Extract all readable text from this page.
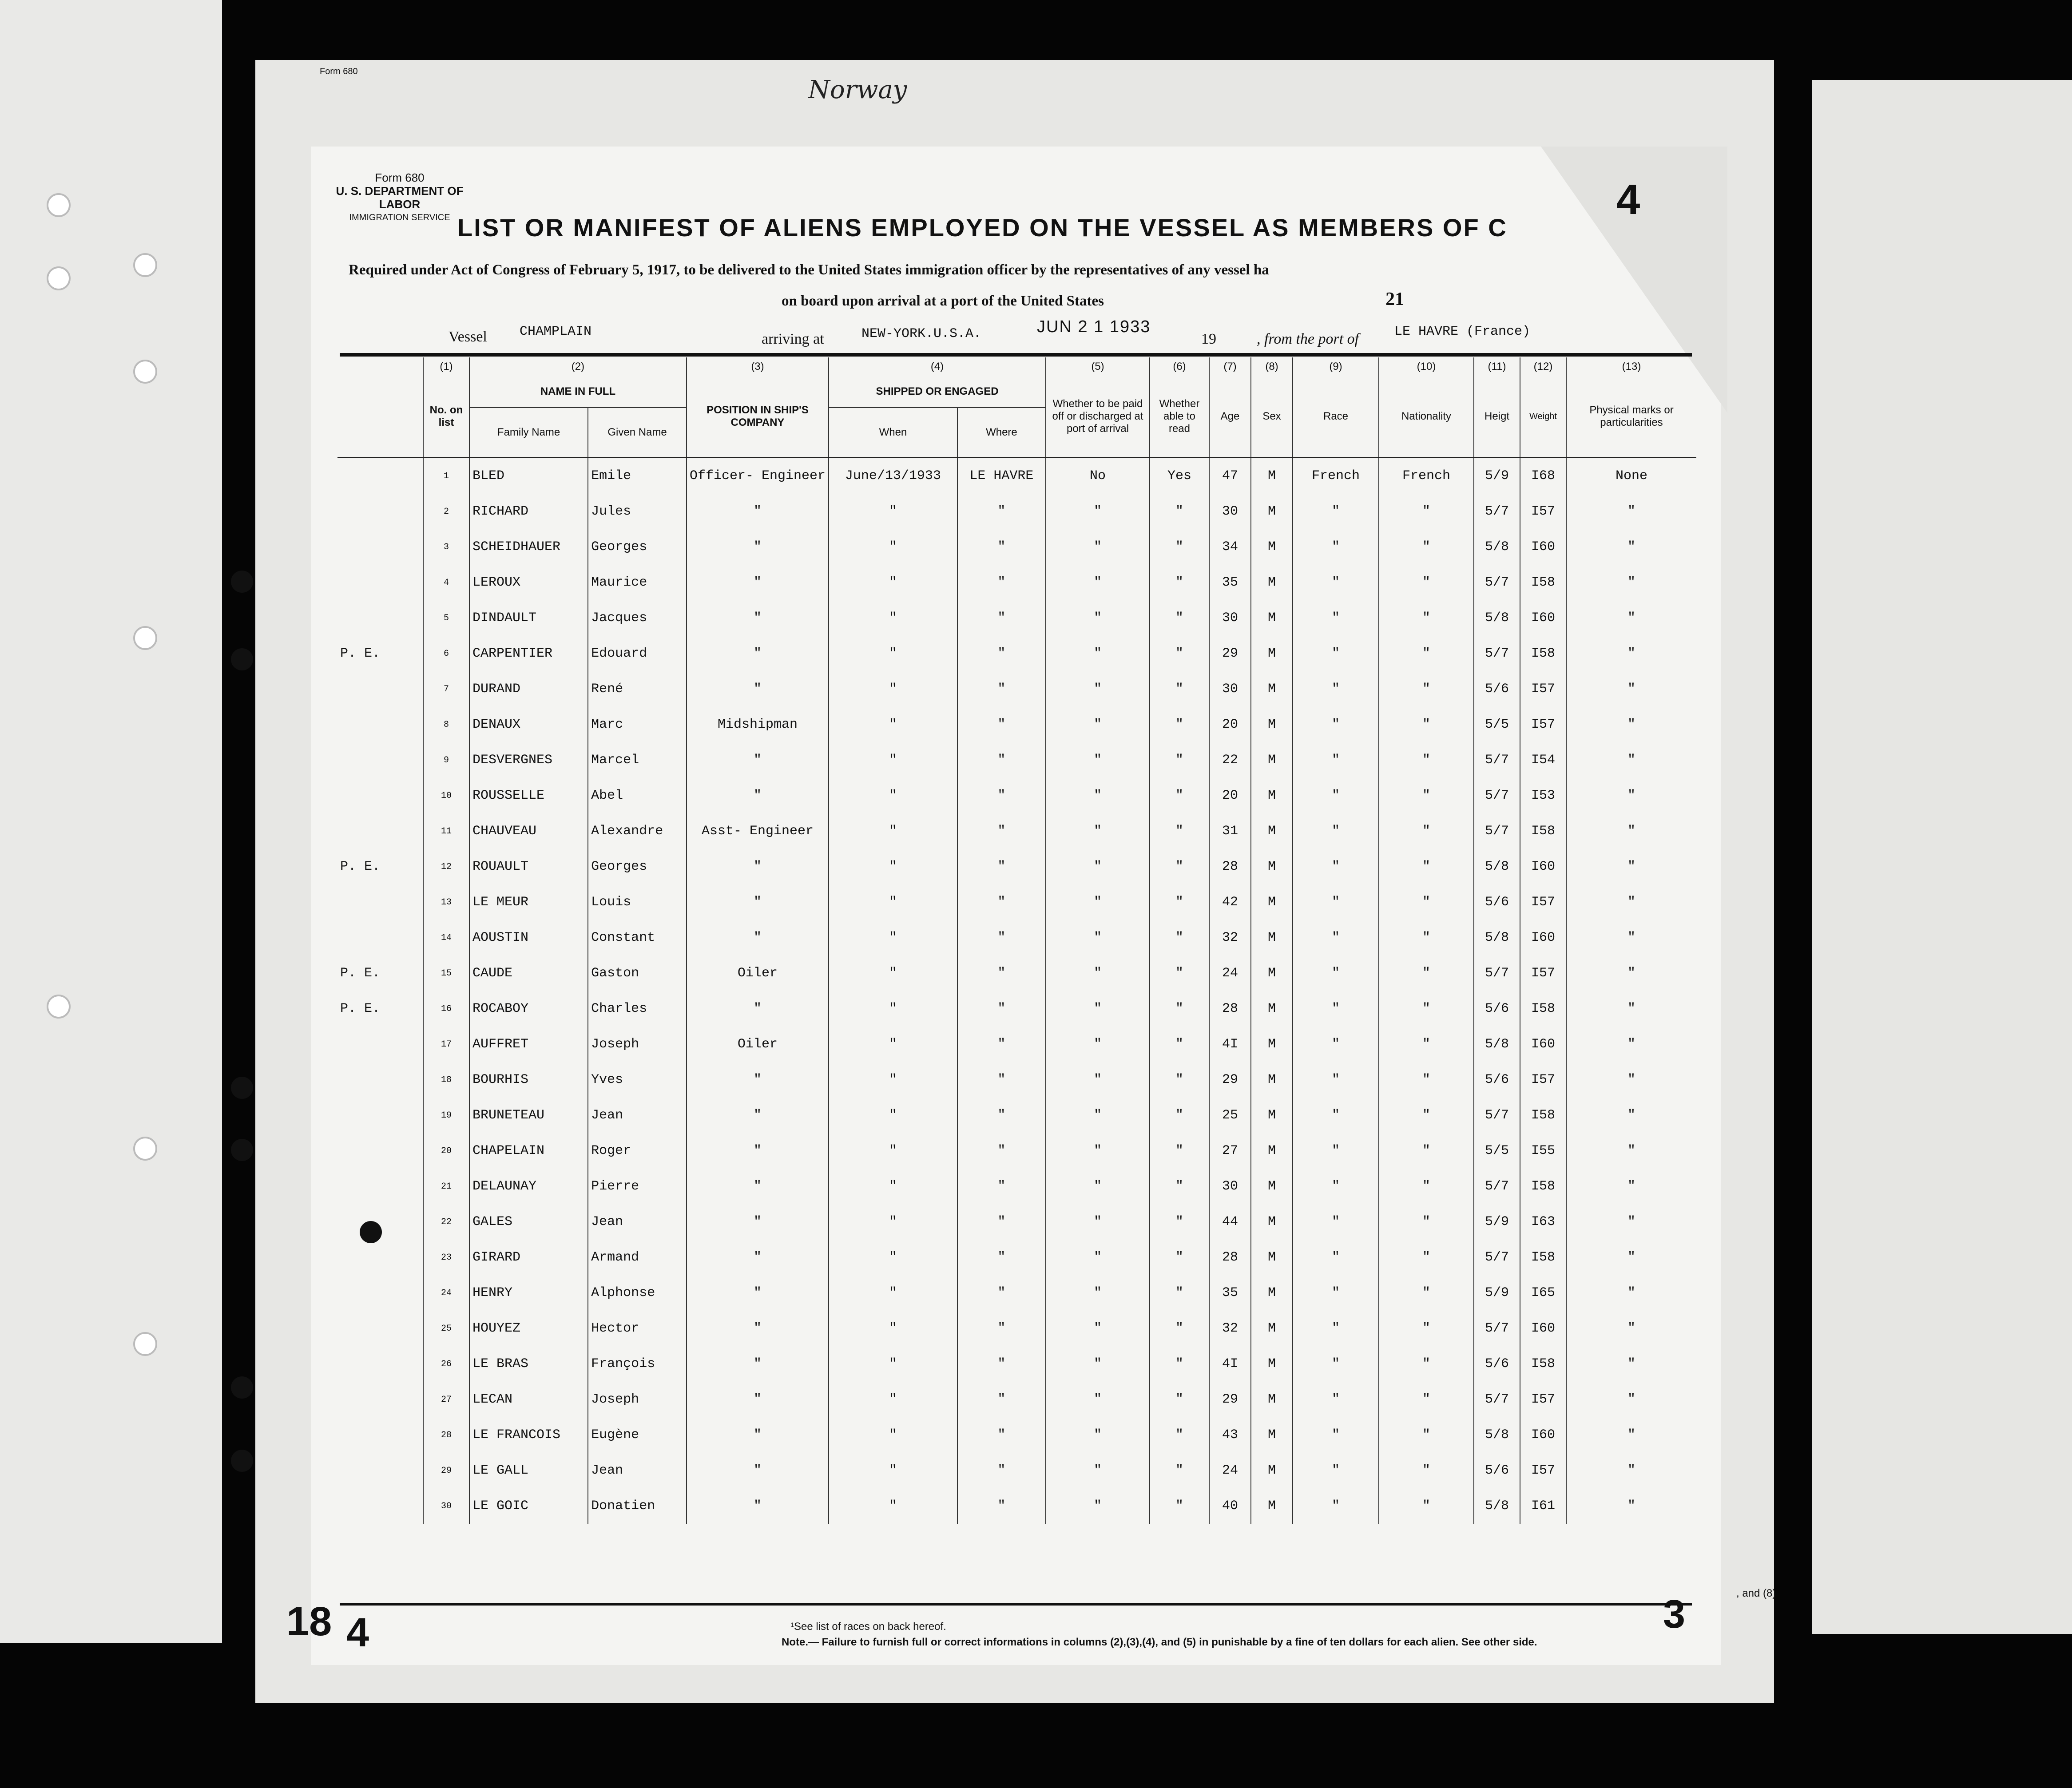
Form 680
Norway
Form 680
U. S. DEPARTMENT OF LABOR
IMMIGRATION SERVICE LIST OR MANIFEST OF ALIENS EMPLOYED ON THE VESSEL AS MEMBERS OF C
4
Required under Act of Congress of February 5, 1917, to be delivered to the United States immigration officer by the representatives of any vessel ha
on board upon arrival at a port of the United States	21
Vessel CHAMPLAIN	arriving at	NEW-YORK.U.S.A.	JUN 2 1 1933
19	, from the port of	LE HAVRE (France)
	(1)	(2)		(3)	(4)		(5)	(6)	(7)	(8)	(9)	(10)	(11)	(12)	(13)
	No. on list	NAME IN FULL		POSITION IN SHIP'S COMPANY	SHIPPED OR ENGAGED		Whether to be paid off or discharged at port of arrival	Whether able to read	Age	Sex	Race	Nationality	Heigt	Weight	Physical marks or particularities
		Family Name	Given Name		When	Where									
	1	BLED	Emile	Officer- Engineer	June/13/1933	LE HAVRE	No	Yes	47	M	French	French	5/9	I68	None
	2	RICHARD	Jules	"	"	"	"	"	30	M	"	"	5/7	I57	"
	3	SCHEIDHAUER	Georges	"	"	"	"	"	34	M	"	"	5/8	I60	"
	4	LEROUX	Maurice	"	"	"	"	"	35	M	"	"	5/7	I58	"
	5	DINDAULT	Jacques	"	"	"	"	"	30	M	"	"	5/8	I60	"
P. E.	6	CARPENTIER	Edouard	"	"	"	"	"	29	M	"	"	5/7	I58	"
	7	DURAND	René	"	"	"	"	"	30	M	"	"	5/6	I57	"
	8	DENAUX	Marc	Midshipman	"	"	"	"	20	M	"	"	5/5	I57	"
	9	DESVERGNES	Marcel	"	"	"	"	"	22	M	"	"	5/7	I54	"
	10	ROUSSELLE	Abel	"	"	"	"	"	20	M	"	"	5/7	I53	"
	11	CHAUVEAU	Alexandre	Asst- Engineer	"	"	"	"	31	M	"	"	5/7	I58	"
P. E.	12	ROUAULT	Georges	"	"	"	"	"	28	M	"	"	5/8	I60	"
	13	LE MEUR	Louis	"	"	"	"	"	42	M	"	"	5/6	I57	"
	14	AOUSTIN	Constant	"	"	"	"	"	32	M	"	"	5/8	I60	"
P. E.	15	CAUDE	Gaston	Oiler	"	"	"	"	24	M	"	"	5/7	I57	"
P. E.	16	ROCABOY	Charles	"	"	"	"	"	28	M	"	"	5/6	I58	"
	17	AUFFRET	Joseph	Oiler	"	"	"	"	4I	M	"	"	5/8	I60	"
	18	BOURHIS	Yves	"	"	"	"	"	29	M	"	"	5/6	I57	"
	19	BRUNETEAU	Jean	"	"	"	"	"	25	M	"	"	5/7	I58	"
	20	CHAPELAIN	Roger	"	"	"	"	"	27	M	"	"	5/5	I55	"
	21	DELAUNAY	Pierre	"	"	"	"	"	30	M	"	"	5/7	I58	"
	22	GALES	Jean	"	"	"	"	"	44	M	"	"	5/9	I63	"
	23	GIRARD	Armand	"	"	"	"	"	28	M	"	"	5/7	I58	"
	24	HENRY	Alphonse	"	"	"	"	"	35	M	"	"	5/9	I65	"
	25	HOUYEZ	Hector	"	"	"	"	"	32	M	"	"	5/7	I60	"
	26	LE BRAS	François	"	"	"	"	"	4I	M	"	"	5/6	I58	"
	27	LECAN	Joseph	"	"	"	"	"	29	M	"	"	5/7	I57	"
	28	LE FRANCOIS	Eugène	"	"	"	"	"	43	M	"	"	5/8	I60	"
	29	LE GALL	Jean	"	"	"	"	"	24	M	"	"	5/6	I57	"
	30	LE GOIC	Donatien	"	"	"	"	"	40	M	"	"	5/8	I61	"
¹See list of races on back hereof.
Note.— Failure to furnish full or correct informations in columns (2),(3),(4), and (5) in punishable by a fine of ten dollars for each alien. See other side.
3
18 4
, and (8)
